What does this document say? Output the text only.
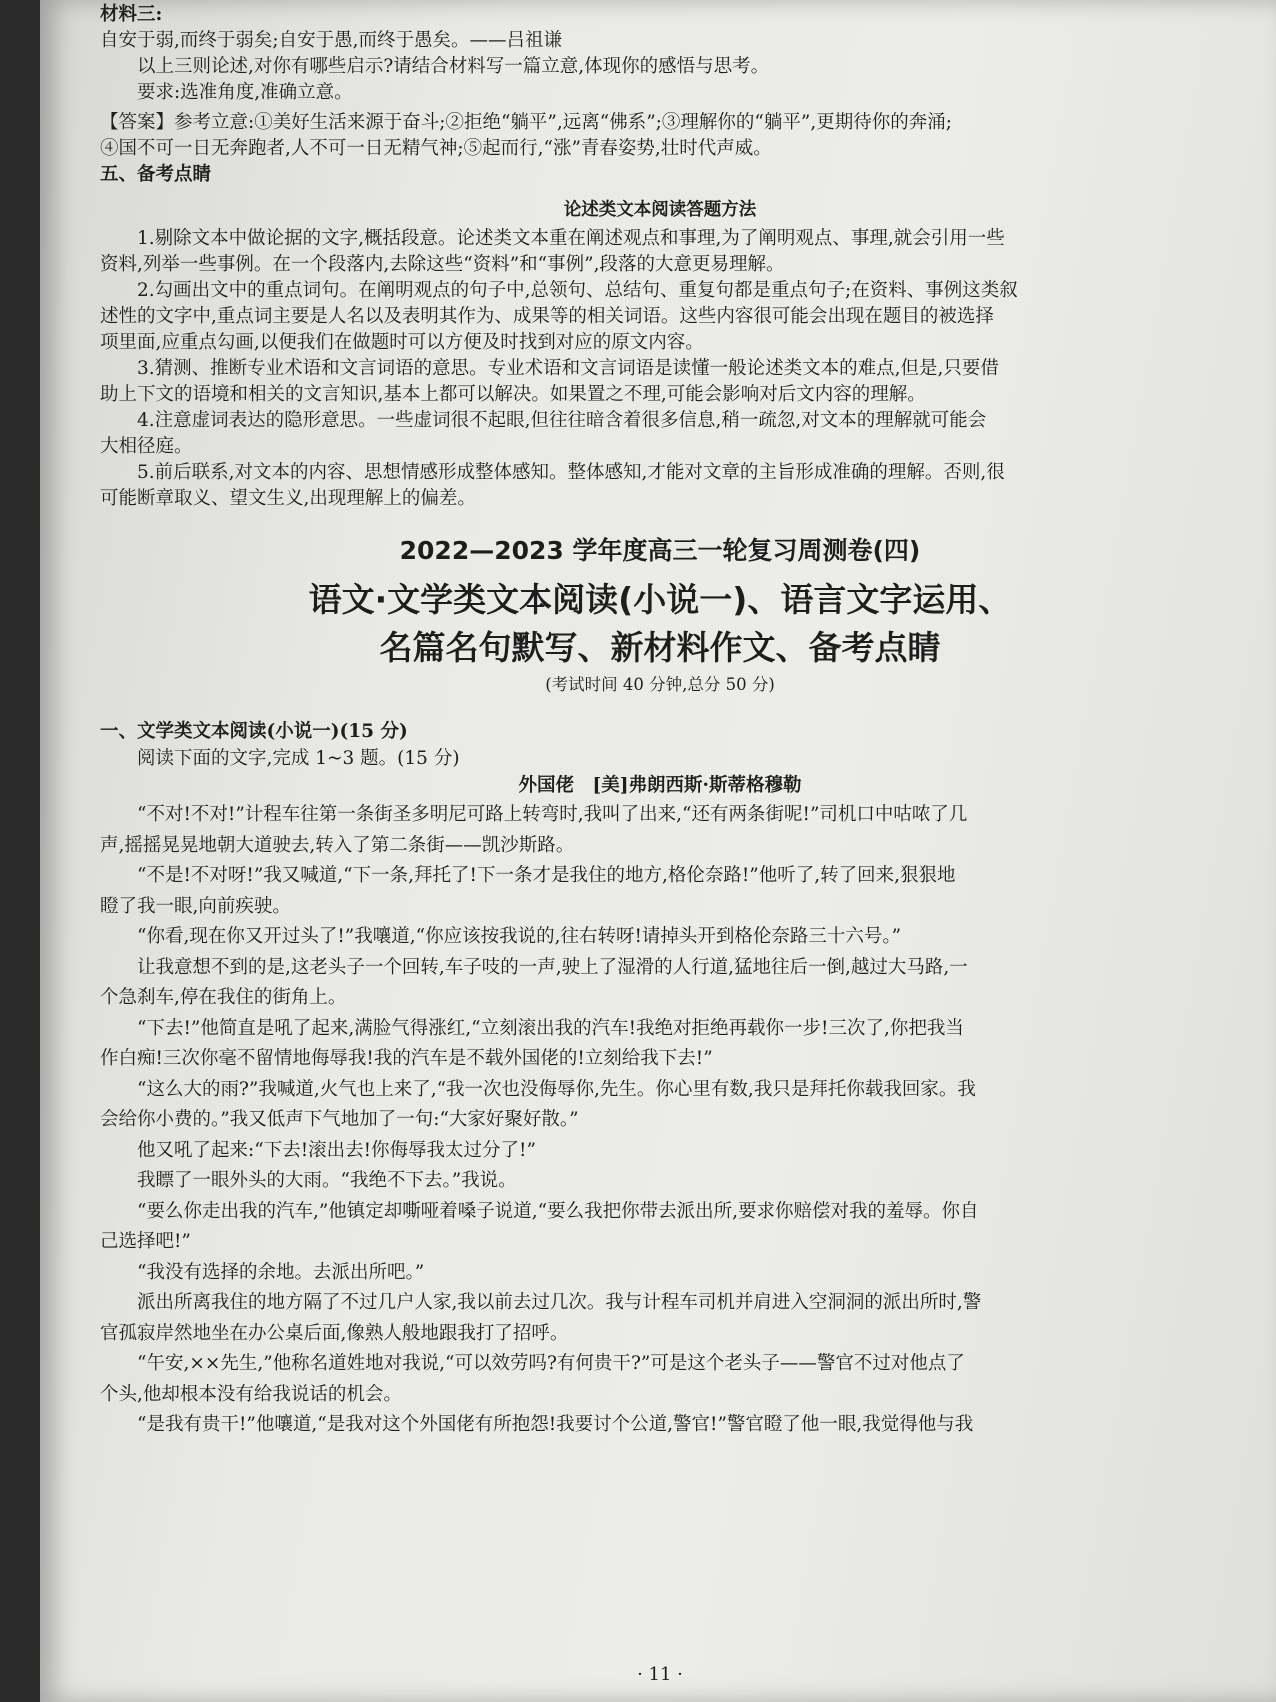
材料三:

自安于弱,而终于弱矣;自安于愚,而终于愚矣。——吕祖谦

以上三则论述,对你有哪些启示?请结合材料写一篇立意,体现你的感悟与思考。

要求:选准角度,准确立意。

【答案】参考立意:①美好生活来源于奋斗;②拒绝“躺平”,远离“佛系”;③理解你的“躺平”,更期待你的奔涌;

④国不可一日无奔跑者,人不可一日无精气神;⑤起而行,“涨”青春姿势,壮时代声威。

五、备考点睛

论述类文本阅读答题方法

1.剔除文本中做论据的文字,概括段意。论述类文本重在阐述观点和事理,为了阐明观点、事理,就会引用一些

资料,列举一些事例。在一个段落内,去除这些“资料”和“事例”,段落的大意更易理解。

2.勾画出文中的重点词句。在阐明观点的句子中,总领句、总结句、重复句都是重点句子;在资料、事例这类叙

述性的文字中,重点词主要是人名以及表明其作为、成果等的相关词语。这些内容很可能会出现在题目的被选择

项里面,应重点勾画,以便我们在做题时可以方便及时找到对应的原文内容。

3.猜测、推断专业术语和文言词语的意思。专业术语和文言词语是读懂一般论述类文本的难点,但是,只要借

助上下文的语境和相关的文言知识,基本上都可以解决。如果置之不理,可能会影响对后文内容的理解。

4.注意虚词表达的隐形意思。一些虚词很不起眼,但往往暗含着很多信息,稍一疏忽,对文本的理解就可能会

大相径庭。

5.前后联系,对文本的内容、思想情感形成整体感知。整体感知,才能对文章的主旨形成准确的理解。否则,很

可能断章取义、望文生义,出现理解上的偏差。

2022—2023 学年度高三一轮复习周测卷(四)

语文·文学类文本阅读(小说一)、语言文字运用、

名篇名句默写、新材料作文、备考点睛

(考试时间 40 分钟,总分 50 分)

一、文学类文本阅读(小说一)(15 分)

阅读下面的文字,完成 1~3 题。(15 分)

外国佬　[美]弗朗西斯·斯蒂格穆勒

“不对!不对!”计程车往第一条街圣多明尼可路上转弯时,我叫了出来,“还有两条街呢!”司机口中咕哝了几

声,摇摇晃晃地朝大道驶去,转入了第二条街——凯沙斯路。

“不是!不对呀!”我又喊道,“下一条,拜托了!下一条才是我住的地方,格伦奈路!”他听了,转了回来,狠狠地

瞪了我一眼,向前疾驶。

“你看,现在你又开过头了!”我嚷道,“你应该按我说的,往右转呀!请掉头开到格伦奈路三十六号。”

让我意想不到的是,这老头子一个回转,车子吱的一声,驶上了湿滑的人行道,猛地往后一倒,越过大马路,一

个急刹车,停在我住的街角上。

“下去!”他简直是吼了起来,满脸气得涨红,“立刻滚出我的汽车!我绝对拒绝再载你一步!三次了,你把我当

作白痴!三次你毫不留情地侮辱我!我的汽车是不载外国佬的!立刻给我下去!”

“这么大的雨?”我喊道,火气也上来了,“我一次也没侮辱你,先生。你心里有数,我只是拜托你载我回家。我

会给你小费的。”我又低声下气地加了一句:“大家好聚好散。”

他又吼了起来:“下去!滚出去!你侮辱我太过分了!”

我瞟了一眼外头的大雨。“我绝不下去。”我说。

“要么你走出我的汽车,”他镇定却嘶哑着嗓子说道,“要么我把你带去派出所,要求你赔偿对我的羞辱。你自

己选择吧!”

“我没有选择的余地。去派出所吧。”

派出所离我住的地方隔了不过几户人家,我以前去过几次。我与计程车司机并肩进入空洞洞的派出所时,警

官孤寂岸然地坐在办公桌后面,像熟人般地跟我打了招呼。

“午安,××先生,”他称名道姓地对我说,“可以效劳吗?有何贵干?”可是这个老头子——警官不过对他点了

个头,他却根本没有给我说话的机会。

“是我有贵干!”他嚷道,“是我对这个外国佬有所抱怨!我要讨个公道,警官!”警官瞪了他一眼,我觉得他与我

· 11 ·
